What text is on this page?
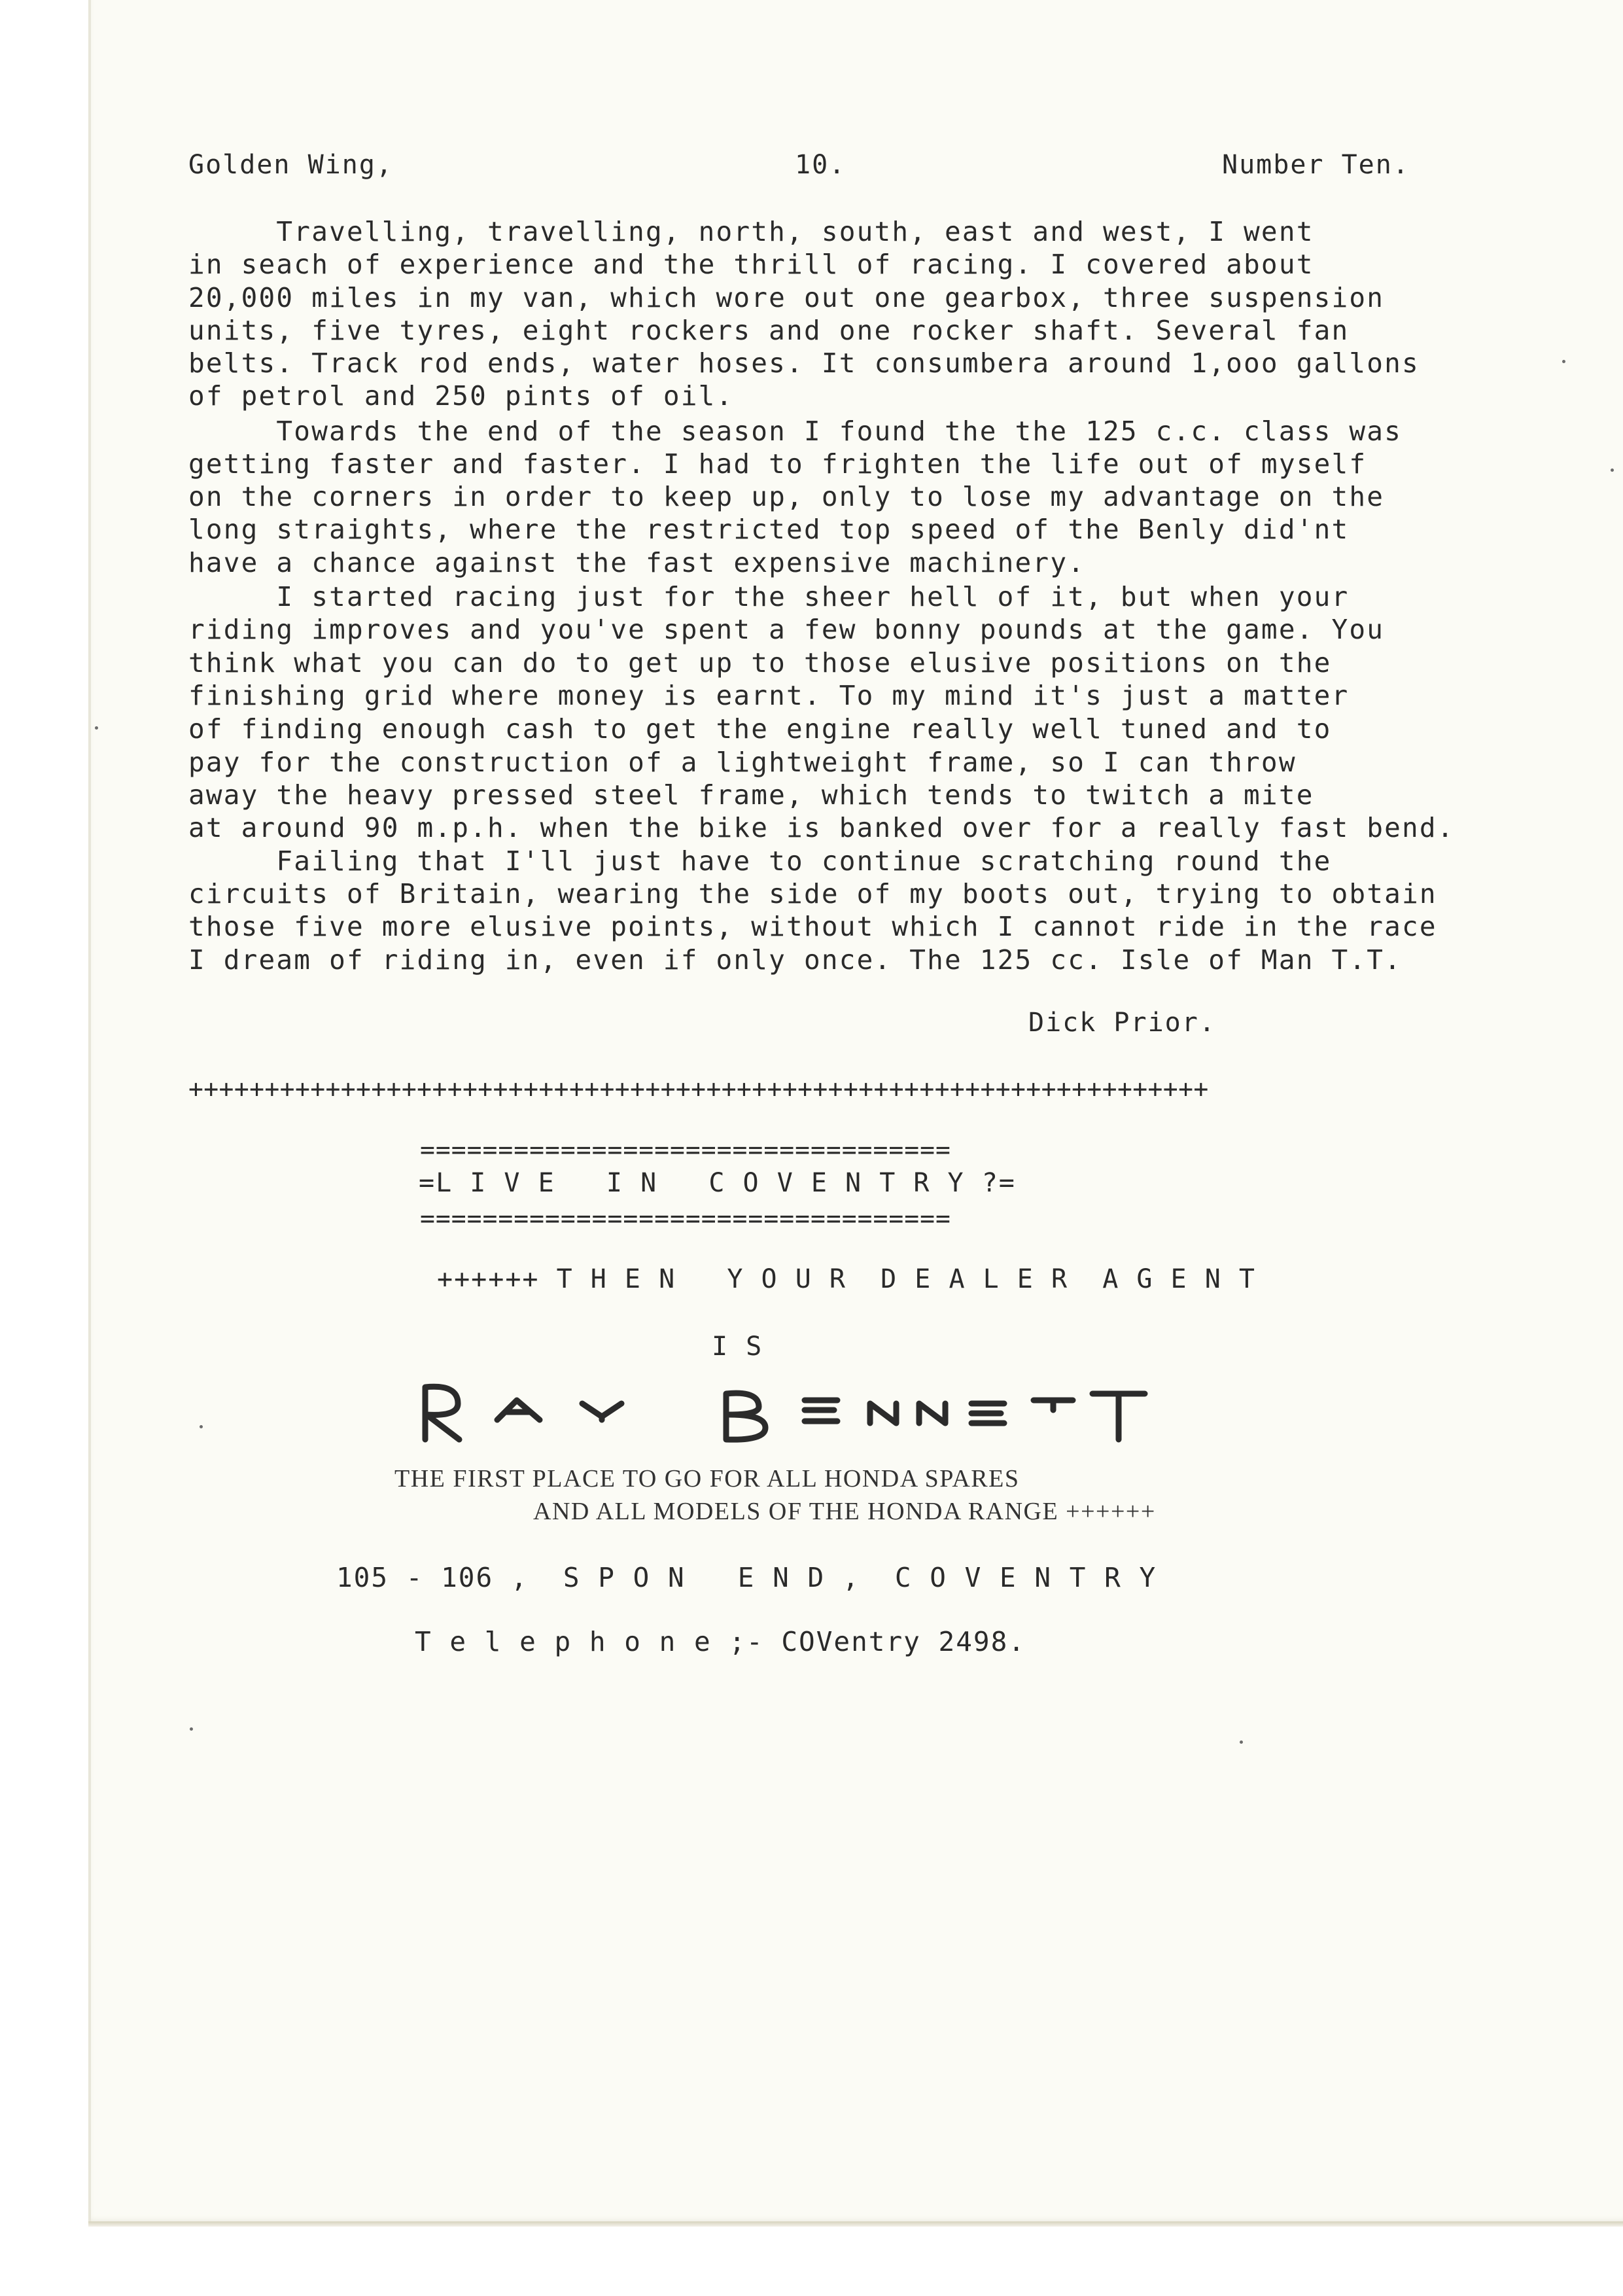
Golden Wing,	10.	Number Ten.
Travelling, travelling, north, south, east and west, I went
in seach of experience and the thrill of racing. I covered about
20,000 miles in my van, which wore out one gearbox, three suspension
units, five tyres, eight rockers and one rocker shaft. Several fan
belts. Track rod ends, water hoses. It consumbera around 1,ooo gallons
of petrol and 250 pints of oil.
Towards the end of the season I found the the 125 c.c. class was
getting faster and faster. I had to frighten the life out of myself
on the corners in order to keep up, only to lose my advantage on the
long straights, where the restricted top speed of the Benly did'nt
have a chance against the fast expensive machinery.
I started racing just for the sheer hell of it, but when your
riding improves and you've spent a few bonny pounds at the game. You
think what you can do to get up to those elusive positions on the
finishing grid where money is earnt. To my mind it's just a matter
of finding enough cash to get the engine really well tuned and to
pay for the construction of a lightweight frame, so I can throw
away the heavy pressed steel frame, which tends to twitch a mite
at around 90 m.p.h. when the bike is banked over for a really fast bend.
Failing that I'll just have to continue scratching round the
circuits of Britain, wearing the side of my boots out, trying to obtain
those five more elusive points, without which I cannot ride in the race
I dream of riding in, even if only once. The 125 cc. Isle of Man T.T.
Dick Prior.
+++++++++++++++++++++++++++++++++++++++++++++++++++++++++++++++++++
==================================
=L I V E   I N   C O V E N T R Y ?=
==================================
++++++ T H E N   Y O U R  D E A L E R  A G E N T
I S
THE FIRST PLACE TO GO FOR ALL HONDA SPARES
AND ALL MODELS OF THE HONDA RANGE ++++++
105 - 106 ,  S P O N   E N D ,  C O V E N T R Y
T e l e p h o n e ;- COVentry 2498.
